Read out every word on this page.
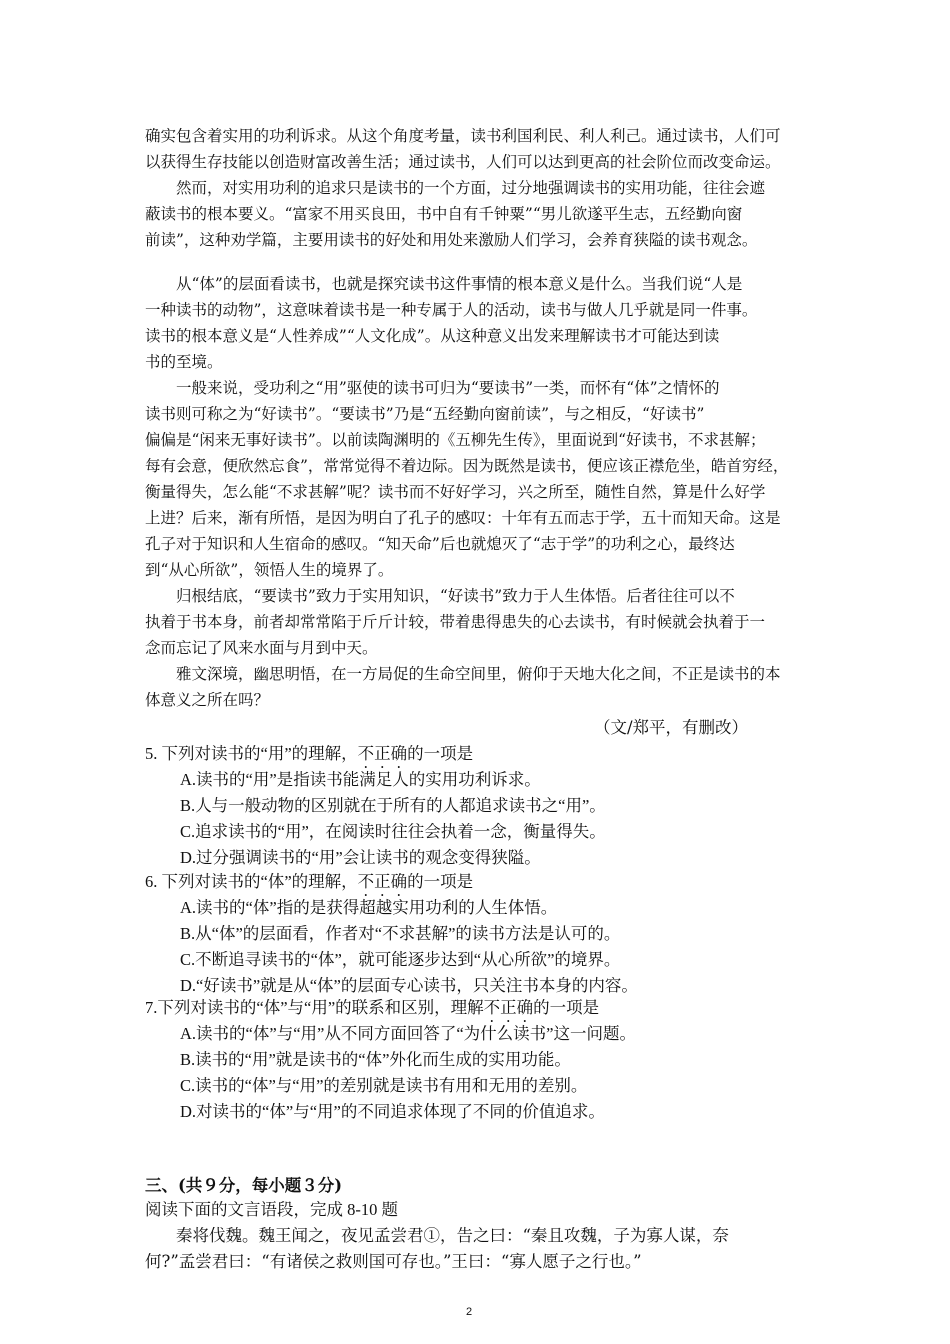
确实包含着实用的功利诉求。从这个角度考量，读书利国利民、利人利己。通过读书，人们可
以获得生存技能以创造财富改善生活；通过读书，人们可以达到更高的社会阶位而改变命运。
然而，对实用功利的追求只是读书的一个方面，过分地强调读书的实用功能，往往会遮
蔽读书的根本要义。“富家不用买良田，书中自有千钟粟”“男儿欲遂平生志，五经勤向窗
前读”，这种劝学篇，主要用读书的好处和用处来激励人们学习，会养育狭隘的读书观念。
从“体”的层面看读书，也就是探究读书这件事情的根本意义是什么。当我们说“人是
一种读书的动物”，这意味着读书是一种专属于人的活动，读书与做人几乎就是同一件事。
读书的根本意义是“人性养成”“人文化成”。从这种意义出发来理解读书才可能达到读
书的至境。
一般来说，受功利之“用”驱使的读书可归为“要读书”一类，而怀有“体”之情怀的
读书则可称之为“好读书”。“要读书”乃是“五经勤向窗前读”，与之相反，“好读书”
偏偏是“闲来无事好读书”。以前读陶渊明的《五柳先生传》，里面说到“好读书，不求甚解；
每有会意，便欣然忘食”，常常觉得不着边际。因为既然是读书，便应该正襟危坐，皓首穷经，
衡量得失，怎么能“不求甚解”呢？读书而不好好学习，兴之所至，随性自然，算是什么好学
上进？后来，渐有所悟，是因为明白了孔子的感叹：十年有五而志于学，五十而知天命。这是
孔子对于知识和人生宿命的感叹。“知天命”后也就熄灭了“志于学”的功利之心，最终达
到“从心所欲”，领悟人生的境界了。
归根结底，“要读书”致力于实用知识，“好读书”致力于人生体悟。后者往往可以不
执着于书本身，前者却常常陷于斤斤计较，带着患得患失的心去读书，有时候就会执着于一
念而忘记了风来水面与月到中天。
雅文深境，幽思明悟，在一方局促的生命空间里，俯仰于天地大化之间，不正是读书的本
体意义之所在吗？
（文/郑平，有删改）
5. 下列对读书的“用”的理解，不正确的一项是
A.读书的“用”是指读书能满足人的实用功利诉求。
B.人与一般动物的区别就在于所有的人都追求读书之“用”。
C.追求读书的“用”，在阅读时往往会执着一念，衡量得失。
D.过分强调读书的“用”会让读书的观念变得狭隘。
6. 下列对读书的“体”的理解，不正确的一项是
A.读书的“体”指的是获得超越实用功利的人生体悟。
B.从“体”的层面看，作者对“不求甚解”的读书方法是认可的。
C.不断追寻读书的“体”，就可能逐步达到“从心所欲”的境界。
D.“好读书”就是从“体”的层面专心读书，只关注书本身的内容。
7.下列对读书的“体”与“用”的联系和区别，理解不正确的一项是
A.读书的“体”与“用”从不同方面回答了“为什么读书”这一问题。
B.读书的“用”就是读书的“体”外化而生成的实用功能。
C.读书的“体”与“用”的差别就是读书有用和无用的差别。
D.对读书的“体”与“用”的不同追求体现了不同的价值追求。
三、(共９分，每小题３分)
阅读下面的文言语段，完成 8-10 题
秦将伐魏。魏王闻之，夜见孟尝君①，告之曰：“秦且攻魏，子为寡人谋，奈
何?”孟尝君曰：“有诸侯之救则国可存也。”王曰：“寡人愿子之行也。”
2
